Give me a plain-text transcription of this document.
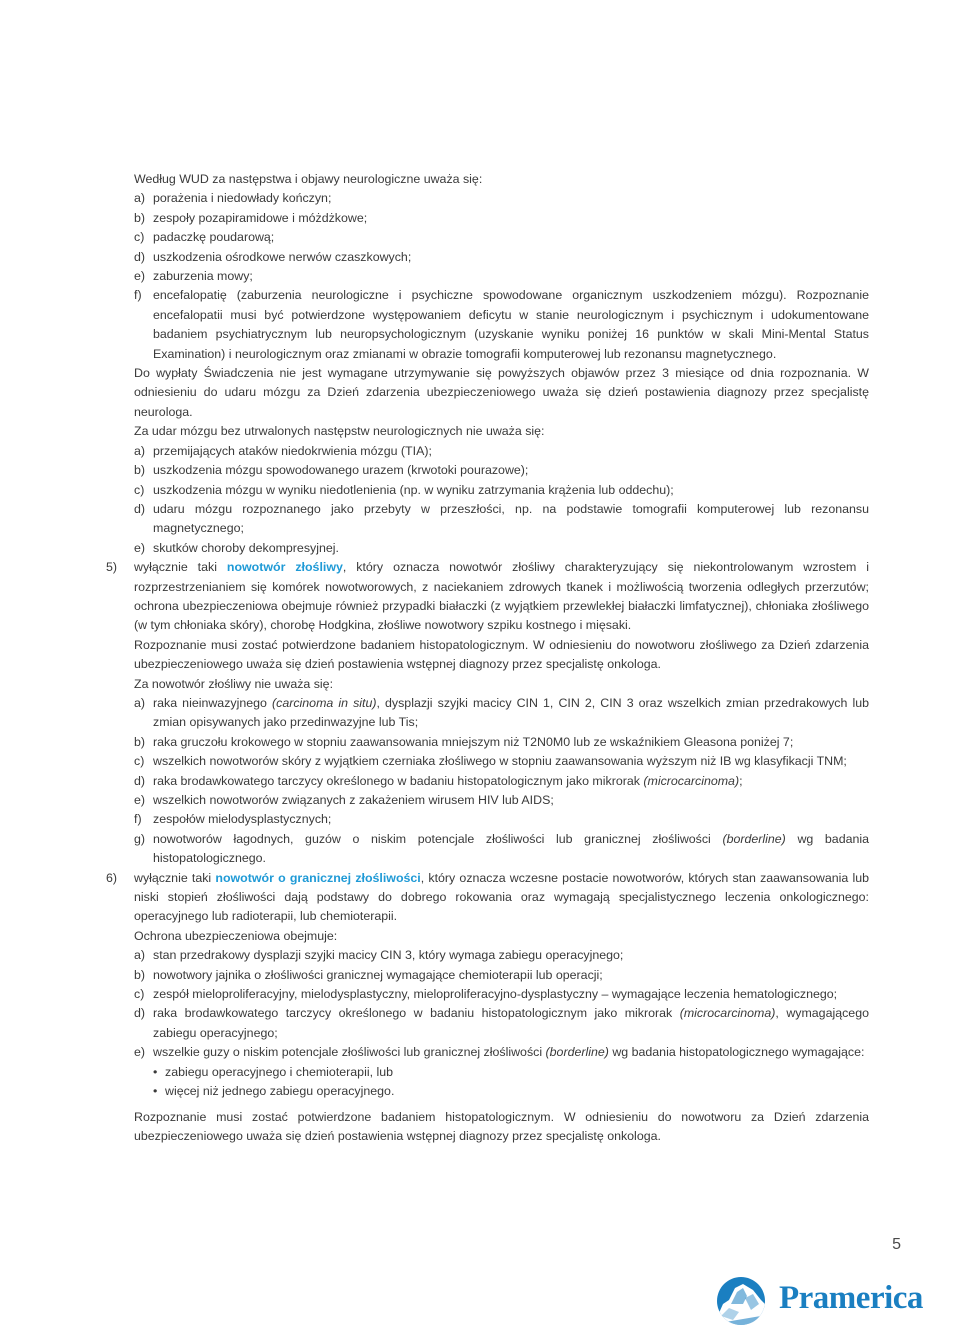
Według WUD za następstwa i objawy neurologiczne uważa się:
a) porażenia i niedowłady kończyn;
b) zespoły pozapiramidowe i móżdżkowe;
c) padaczkę poudarową;
d) uszkodzenia ośrodkowe nerwów czaszkowych;
e) zaburzenia mowy;
f) encefalopatię (zaburzenia neurologiczne i psychiczne spowodowane organicznym uszkodzeniem mózgu). Rozpoznanie encefalopatii musi być potwierdzone występowaniem deficytu w stanie neurologicznym i psychicznym i udokumentowane badaniem psychiatrycznym lub neuropsychologicznym (uzyskanie wyniku poniżej 16 punktów w skali Mini-Mental Status Examination) i neurologicznym oraz zmianami w obrazie tomografii komputerowej lub rezonansu magnetycznego.
Do wypłaty Świadczenia nie jest wymagane utrzymywanie się powyższych objawów przez 3 miesiące od dnia rozpoznania. W odniesieniu do udaru mózgu za Dzień zdarzenia ubezpieczeniowego uważa się dzień postawienia diagnozy przez specjalistę neurologa.
Za udar mózgu bez utrwalonych następstw neurologicznych nie uważa się:
a) przemijających ataków niedokrwienia mózgu (TIA);
b) uszkodzenia mózgu spowodowanego urazem (krwotoki pourazowe);
c) uszkodzenia mózgu w wyniku niedotlenienia (np. w wyniku zatrzymania krążenia lub oddechu);
d) udaru mózgu rozpoznanego jako przebyty w przeszłości, np. na podstawie tomografii komputerowej lub rezonansu magnetycznego;
e) skutków choroby dekompresyjnej.
5) wyłącznie taki nowotwór złośliwy, który oznacza nowotwór złośliwy charakteryzujący się niekontrolowanym wzrostem i rozprzestrzenianiem się komórek nowotworowych, z naciekaniem zdrowych tkanek i możliwością tworzenia odległych przerzutów; ochrona ubezpieczeniowa obejmuje również przypadki białaczki (z wyjątkiem przewlekłej białaczki limfatycznej), chłoniaka złośliwego (w tym chłoniaka skóry), chorobę Hodgkina, złośliwe nowotwory szpiku kostnego i mięsaki.
Rozpoznanie musi zostać potwierdzone badaniem histopatologicznym. W odniesieniu do nowotworu złośliwego za Dzień zdarzenia ubezpieczeniowego uważa się dzień postawienia wstępnej diagnozy przez specjalistę onkologa.
Za nowotwór złośliwy nie uważa się:
a) raka nieinwazyjnego (carcinoma in situ), dysplazji szyjki macicy CIN 1, CIN 2, CIN 3 oraz wszelkich zmian przedrakowych lub zmian opisywanych jako przedinwazyjne lub Tis;
b) raka gruczołu krokowego w stopniu zaawansowania mniejszym niż T2N0M0 lub ze wskaźnikiem Gleasona poniżej 7;
c) wszelkich nowotworów skóry z wyjątkiem czerniaka złośliwego w stopniu zaawansowania wyższym niż IB wg klasyfikacji TNM;
d) raka brodawkowatego tarczycy określonego w badaniu histopatologicznym jako mikrorak (microcarcinoma);
e) wszelkich nowotworów związanych z zakażeniem wirusem HIV lub AIDS;
f) zespołów mielodysplastycznych;
g) nowotworów łagodnych, guzów o niskim potencjale złośliwości lub granicznej złośliwości (borderline) wg badania histopatologicznego.
6) wyłącznie taki nowotwór o granicznej złośliwości, który oznacza wczesne postacie nowotworów, których stan zaawansowania lub niski stopień złośliwości dają podstawy do dobrego rokowania oraz wymagają specjalistycznego leczenia onkologicznego: operacyjnego lub radioterapii, lub chemioterapii.
Ochrona ubezpieczeniowa obejmuje:
a) stan przedrakowy dysplazji szyjki macicy CIN 3, który wymaga zabiegu operacyjnego;
b) nowotwory jajnika o złośliwości granicznej wymagające chemioterapii lub operacji;
c) zespół mieloproliferacyjny, mielodysplastyczny, mieloproliferacyjno-dysplastyczny – wymagające leczenia hematologicznego;
d) raka brodawkowatego tarczycy określonego w badaniu histopatologicznym jako mikrorak (microcarcinoma), wymagającego zabiegu operacyjnego;
e) wszelkie guzy o niskim potencjale złośliwości lub granicznej złośliwości (borderline) wg badania histopatologicznego wymagające:
• zabiegu operacyjnego i chemioterapii, lub
• więcej niż jednego zabiegu operacyjnego.
Rozpoznanie musi zostać potwierdzone badaniem histopatologicznym. W odniesieniu do nowotworu za Dzień zdarzenia ubezpieczeniowego uważa się dzień postawienia wstępnej diagnozy przez specjalistę onkologa.
5
Pramerica
